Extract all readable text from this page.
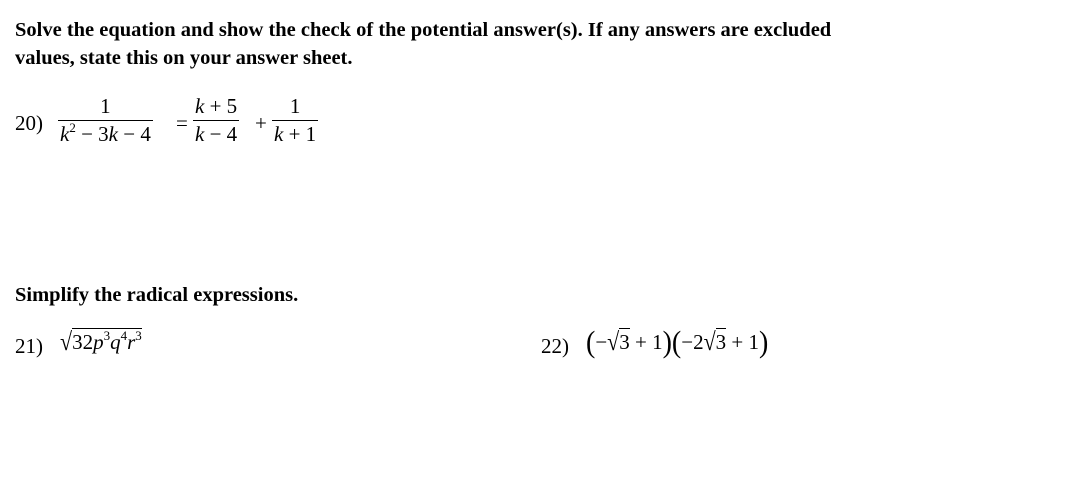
Solve the equation and show the check of the potential answer(s). If any answers are excluded
values, state this on your answer sheet.
20)
1
$k^2 - 3k - 4$ =
k + 5
k − 4 +
1
k + 1
Simplify the radical expressions.
21) $√32p^3q^4r^3$	22) (−√3 + 1)(−2√3 + 1)
